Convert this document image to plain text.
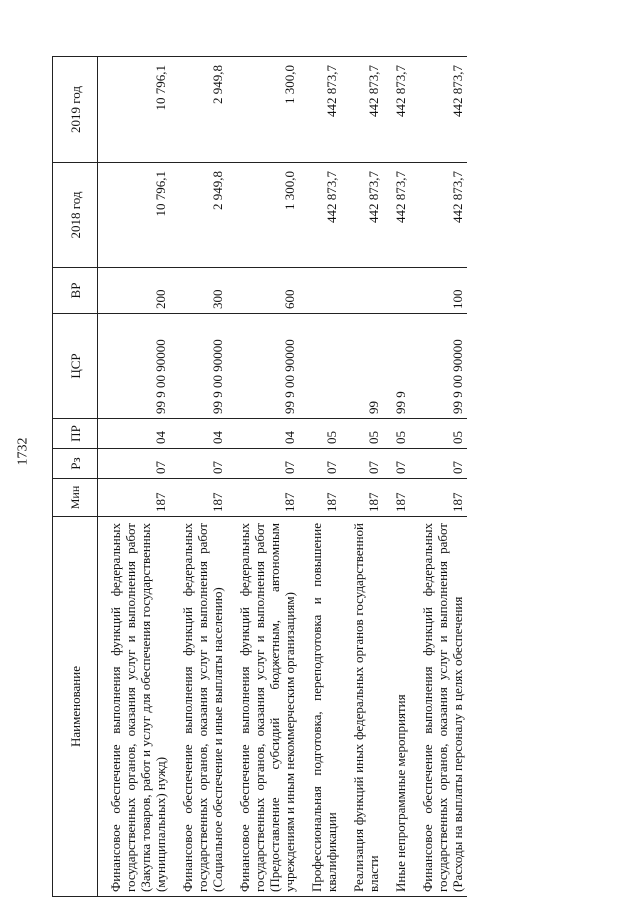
1732
Наименование	Мин	Рз	ПР	ЦСР	ВР	2018 год	2019 год
Финансовое обеспечение выполнения функций федеральных государственных органов, оказания услуг и выполнения работ (Закупка товаров, работ и услуг для обеспечения государственных (муниципальных) нужд)	187	07	04	99 9 00 90000	200	10 796,1	10 796,1
Финансовое обеспечение выполнения функций федеральных государственных органов, оказания услуг и выполнения работ (Социальное обеспечение и иные выплаты населению)	187	07	04	99 9 00 90000	300	2 949,8	2 949,8
Финансовое обеспечение выполнения функций федеральных государственных органов, оказания услуг и выполнения работ (Предоставление субсидий бюджетным, автономным учреждениям и иным некоммерческим организациям)	187	07	04	99 9 00 90000	600	1 300,0	1 300,0
Профессиональная подготовка, переподготовка и повышение квалификации	187	07	05			442 873,7	442 873,7
Реализация функций иных федеральных органов государственной власти	187	07	05	99		442 873,7	442 873,7
Иные непрограммные мероприятия	187	07	05	99 9		442 873,7	442 873,7
Финансовое обеспечение выполнения функций федеральных государственных органов, оказания услуг и выполнения работ (Расходы на выплаты персоналу в целях обеспечения	187	07	05	99 9 00 90000	100	442 873,7	442 873,7
